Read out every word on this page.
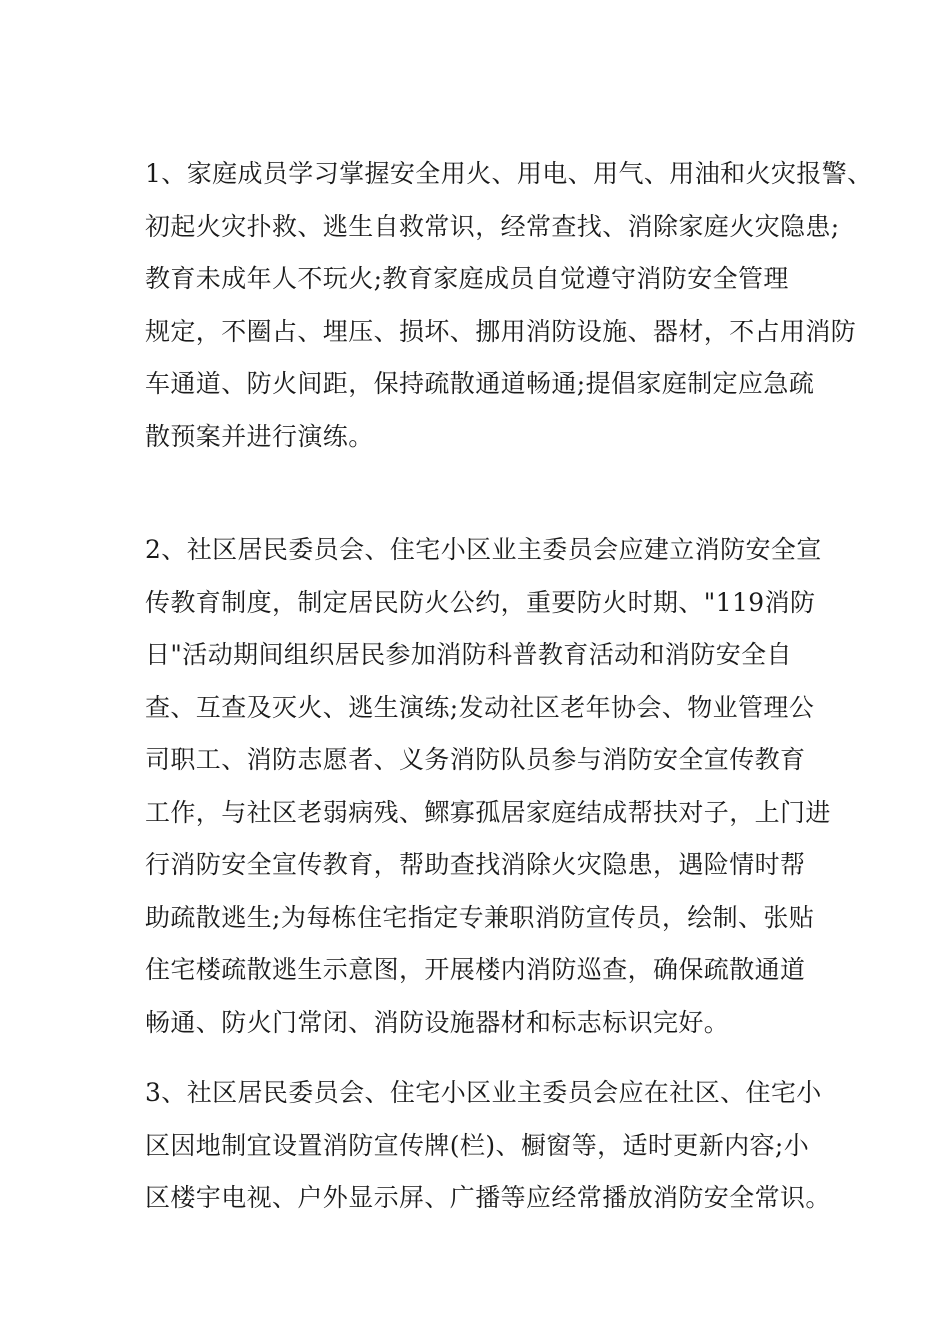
1、家庭成员学习掌握安全用火、用电、用气、用油和火灾报警、
初起火灾扑救、逃生自救常识，经常查找、消除家庭火灾隐患;
教育未成年人不玩火;教育家庭成员自觉遵守消防安全管理
规定，不圈占、埋压、损坏、挪用消防设施、器材，不占用消防
车通道、防火间距，保持疏散通道畅通;提倡家庭制定应急疏
散预案并进行演练。

2、社区居民委员会、住宅小区业主委员会应建立消防安全宣
传教育制度，制定居民防火公约，重要防火时期、"119消防
日"活动期间组织居民参加消防科普教育活动和消防安全自
查、互查及灭火、逃生演练;发动社区老年协会、物业管理公
司职工、消防志愿者、义务消防队员参与消防安全宣传教育
工作，与社区老弱病残、鳏寡孤居家庭结成帮扶对子，上门进
行消防安全宣传教育，帮助查找消除火灾隐患，遇险情时帮
助疏散逃生;为每栋住宅指定专兼职消防宣传员，绘制、张贴
住宅楼疏散逃生示意图，开展楼内消防巡查，确保疏散通道
畅通、防火门常闭、消防设施器材和标志标识完好。

3、社区居民委员会、住宅小区业主委员会应在社区、住宅小
区因地制宜设置消防宣传牌(栏)、橱窗等，适时更新内容;小
区楼宇电视、户外显示屏、广播等应经常播放消防安全常识。
